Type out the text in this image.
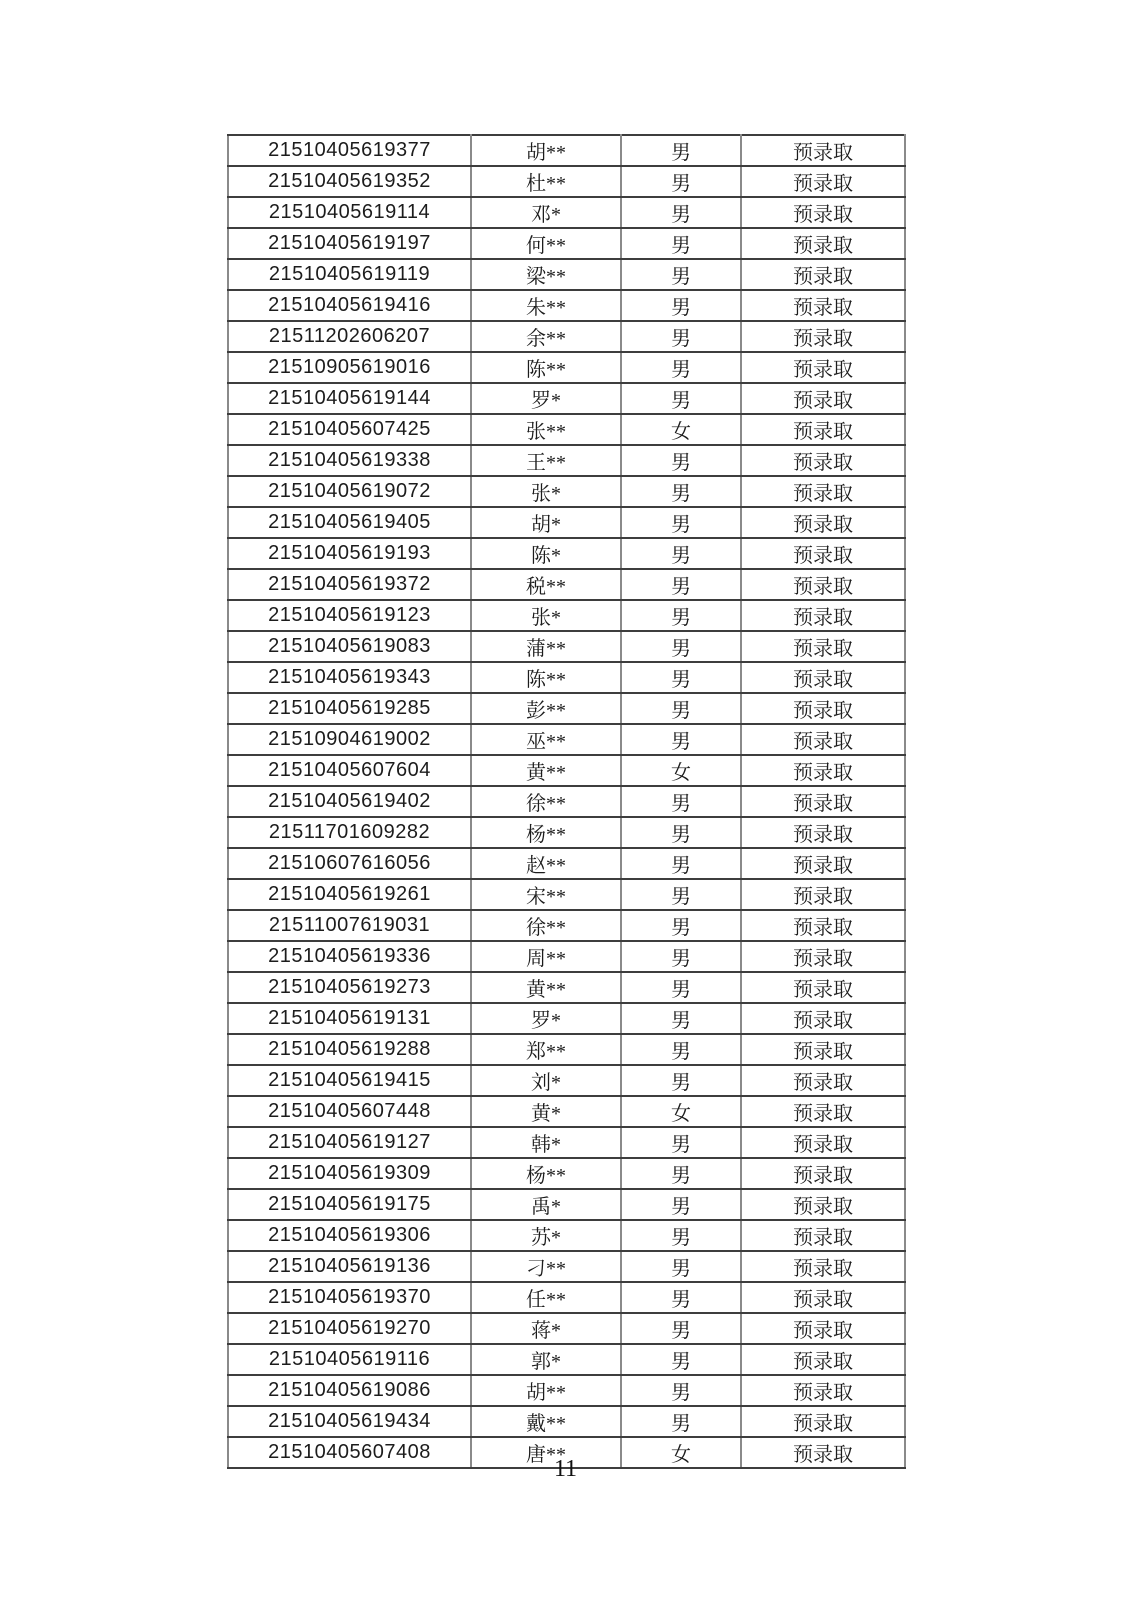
21510405619377	胡**	男	预录取
21510405619352	杜**	男	预录取
21510405619114	邓*	男	预录取
21510405619197	何**	男	预录取
21510405619119	梁**	男	预录取
21510405619416	朱**	男	预录取
21511202606207	余**	男	预录取
21510905619016	陈**	男	预录取
21510405619144	罗*	男	预录取
21510405607425	张**	女	预录取
21510405619338	王**	男	预录取
21510405619072	张*	男	预录取
21510405619405	胡*	男	预录取
21510405619193	陈*	男	预录取
21510405619372	税**	男	预录取
21510405619123	张*	男	预录取
21510405619083	蒲**	男	预录取
21510405619343	陈**	男	预录取
21510405619285	彭**	男	预录取
21510904619002	巫**	男	预录取
21510405607604	黄**	女	预录取
21510405619402	徐**	男	预录取
21511701609282	杨**	男	预录取
21510607616056	赵**	男	预录取
21510405619261	宋**	男	预录取
21511007619031	徐**	男	预录取
21510405619336	周**	男	预录取
21510405619273	黄**	男	预录取
21510405619131	罗*	男	预录取
21510405619288	郑**	男	预录取
21510405619415	刘*	男	预录取
21510405607448	黄*	女	预录取
21510405619127	韩*	男	预录取
21510405619309	杨**	男	预录取
21510405619175	禹*	男	预录取
21510405619306	苏*	男	预录取
21510405619136	刁**	男	预录取
21510405619370	任**	男	预录取
21510405619270	蒋*	男	预录取
21510405619116	郭*	男	预录取
21510405619086	胡**	男	预录取
21510405619434	戴**	男	预录取
21510405607408	唐**	女	预录取
11
